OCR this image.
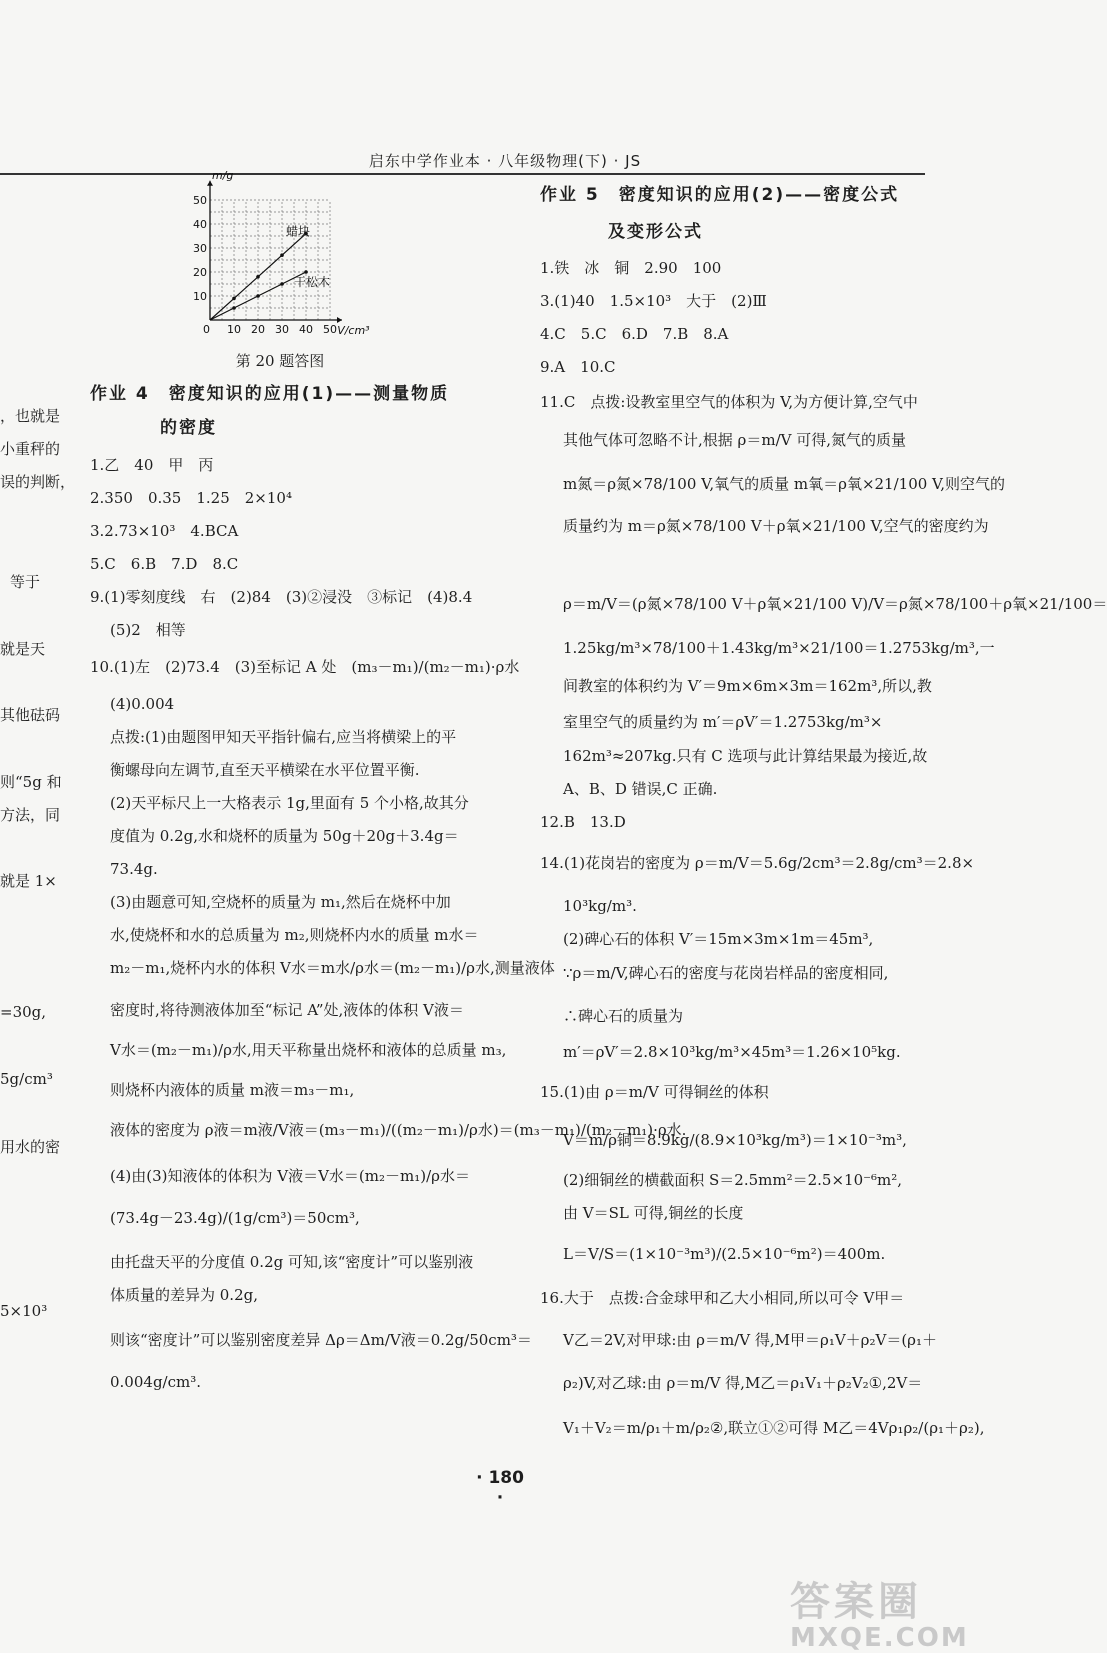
启东中学作业本 · 八年级物理(下) · JS
，也就是
小重秤的
误的判断，
等于
就是天
其他砝码
则“5g 和
方法，同
就是 1×
=30g,
5g/cm³
用水的密
5×10³
10
20
30
40
50
0 10 20 30 40 50
m/g
V/cm³
蜡块
干松木
第 20 题答图

作业 4　密度知识的应用(1)——测量物质

的密度

1.乙　40　甲　丙

2.350　0.35　1.25　2×10⁴

3.2.73×10³　4.BCA

5.C　6.B　7.D　8.C

9.(1)零刻度线　右　(2)84　(3)②浸没　③标记　(4)8.4

(5)2　相等

10.(1)左　(2)73.4　(3)至标记 A 处　(m₃－m₁)/(m₂－m₁)·ρ水

(4)0.004

点拨:(1)由题图甲知天平指针偏右,应当将横梁上的平

衡螺母向左调节,直至天平横梁在水平位置平衡.

(2)天平标尺上一大格表示 1g,里面有 5 个小格,故其分

度值为 0.2g,水和烧杯的质量为 50g＋20g＋3.4g＝

73.4g.

(3)由题意可知,空烧杯的质量为 m₁,然后在烧杯中加

水,使烧杯和水的总质量为 m₂,则烧杯内水的质量 m水＝

m₂－m₁,烧杯内水的体积 V水＝m水/ρ水＝(m₂－m₁)/ρ水,测量液体

密度时,将待测液体加至“标记 A”处,液体的体积 V液＝

V水＝(m₂－m₁)/ρ水,用天平称量出烧杯和液体的总质量 m₃,

则烧杯内液体的质量 m液＝m₃－m₁,

液体的密度为 ρ液＝m液/V液＝(m₃－m₁)/((m₂－m₁)/ρ水)＝(m₃－m₁)/(m₂－m₁)·ρ水.

(4)由(3)知液体的体积为 V液＝V水＝(m₂－m₁)/ρ水＝

(73.4g－23.4g)/(1g/cm³)＝50cm³,

由托盘天平的分度值 0.2g 可知,该“密度计”可以鉴别液

体质量的差异为 0.2g,

则该“密度计”可以鉴别密度差异 Δρ＝Δm/V液＝0.2g/50cm³＝

0.004g/cm³.

作业 5　密度知识的应用(2)——密度公式

及变形公式

1.铁　冰　铜　2.90　100

3.(1)40　1.5×10³　大于　(2)Ⅲ

4.C　5.C　6.D　7.B　8.A

9.A　10.C

11.C　点拨:设教室里空气的体积为 V,为方便计算,空气中

其他气体可忽略不计,根据 ρ＝m/V 可得,氮气的质量

m氮＝ρ氮×78/100 V,氧气的质量 m氧＝ρ氧×21/100 V,则空气的

质量约为 m＝ρ氮×78/100 V＋ρ氧×21/100 V,空气的密度约为

ρ＝m/V＝(ρ氮×78/100 V＋ρ氧×21/100 V)/V＝ρ氮×78/100＋ρ氧×21/100＝

1.25kg/m³×78/100＋1.43kg/m³×21/100＝1.2753kg/m³,一

间教室的体积约为 V′＝9m×6m×3m＝162m³,所以,教

室里空气的质量约为 m′＝ρV′＝1.2753kg/m³×

162m³≈207kg.只有 C 选项与此计算结果最为接近,故

A、B、D 错误,C 正确.

12.B　13.D

14.(1)花岗岩的密度为 ρ＝m/V＝5.6g/2cm³＝2.8g/cm³＝2.8×

10³kg/m³.

(2)碑心石的体积 V′＝15m×3m×1m＝45m³,

∵ρ＝m/V,碑心石的密度与花岗岩样品的密度相同,

∴碑心石的质量为

m′＝ρV′＝2.8×10³kg/m³×45m³＝1.26×10⁵kg.

15.(1)由 ρ＝m/V 可得铜丝的体积

V＝m/ρ铜＝8.9kg/(8.9×10³kg/m³)＝1×10⁻³m³,

(2)细铜丝的横截面积 S＝2.5mm²＝2.5×10⁻⁶m²,

由 V＝SL 可得,铜丝的长度

L＝V/S＝(1×10⁻³m³)/(2.5×10⁻⁶m²)＝400m.

16.大于　点拨:合金球甲和乙大小相同,所以可令 V甲＝

V乙＝2V,对甲球:由 ρ＝m/V 得,M甲＝ρ₁V＋ρ₂V＝(ρ₁＋

ρ₂)V,对乙球:由 ρ＝m/V 得,M乙＝ρ₁V₁＋ρ₂V₂①,2V＝

V₁＋V₂＝m/ρ₁＋m/ρ₂②,联立①②可得 M乙＝4Vρ₁ρ₂/(ρ₁＋ρ₂),

· 180 ·
答案圈
MXQE.COM
